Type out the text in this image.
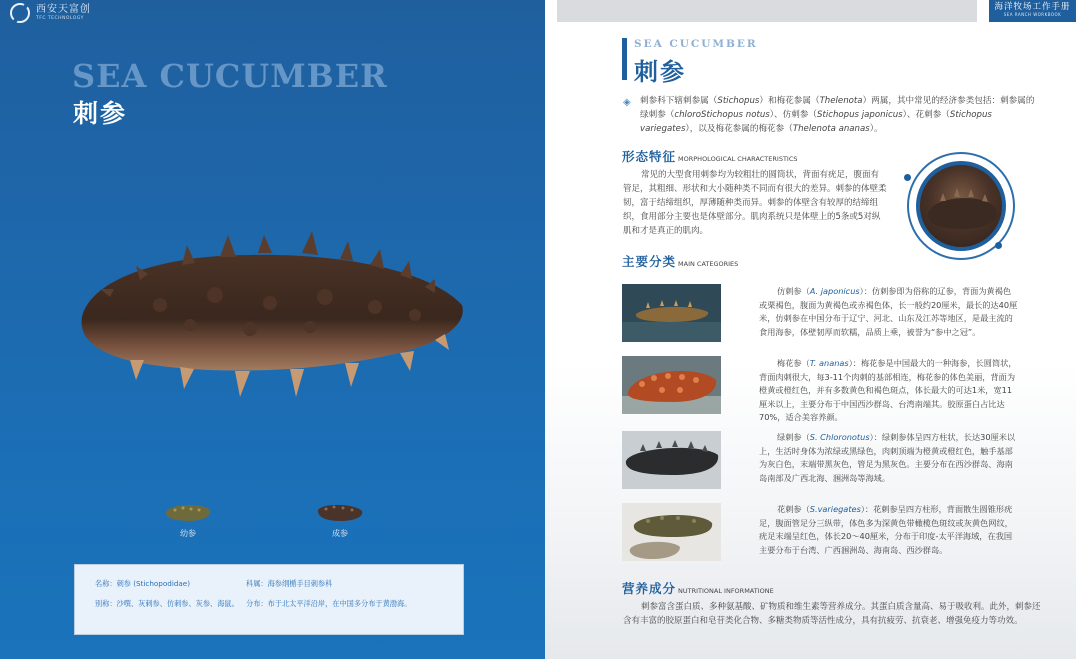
西安天富创
TFC TECHNOLOGY
SEA CUCUMBER
刺参
幼参	成参
名称：刺参 (Stichopodidae)	科属：海参纲楯手目刺参科
别称：沙噀、灰刺参、仿刺参、灰参、海鼠。 分布：布于北太平洋沿岸，在中国多分布于黄渤海。
海洋牧场工作手册
SEA RANCH WORKBOOK
SEA CUCUMBER
刺参
◈	刺参科下辖刺参属（Stichopus）和梅花参属（Thelenota）两属，其中常见的经济参类包括：刺参属的绿刺参（chloroStichopus notus）、仿刺参（Stichopus japonicus）、花刺参（Stichopus variegates），以及梅花参属的梅花参（Thelenota ananas）。
形态特征 MORPHOLOGICAL CHARACTERISTICS
常见的大型食用刺参均为较粗壮的圆筒状，背面有疣足，腹面有管足，其粗细、形状和大小随种类不同而有很大的差异。刺参的体壁柔韧，富于结缔组织，厚薄随种类而异。刺参的体壁含有较厚的结缔组织，食用部分主要也是体壁部分。肌肉系统只是体壁上的5条或5对纵肌和才是真正的肌肉。
主要分类 MAIN CATEGORIES
仿刺参（A. japonicus）：仿刺参即为俗称的辽参，背面为黄褐色或栗褐色，腹面为黄褐色或赤褐色体，长一般约20厘米，最长的达40厘米，仿刺参在中国分布于辽宁、河北、山东及江苏等地区，是最主流的食用海参，体壁韧厚而软糯，品质上乘，被誉为“参中之冠”。
梅花参（T. ananas）：梅花参是中国最大的一种海参，长圆筒状，背面肉刺很大，每3-11个肉刺的基部相连，梅花参的体色美丽，背面为橙黄或橙红色，并有多数黄色和褐色斑点，体长最大的可达1米，宽11厘米以上，主要分布于中国西沙群岛、台湾南端其。胶原蛋白占比达70%，适合美容养颜。
绿刺参（S. Chloronotus）：绿刺参体呈四方柱状，长达30厘米以上，生活时身体为浓绿或黑绿色，肉刺顶端为橙黄或橙红色，触手基部为灰白色，末端带黑灰色，管足为黑灰色。主要分布在西沙群岛、海南岛南部及广西北海、涠洲岛等海域。
花刺参（S.variegates）：花刺参呈四方柱形，背面散生圆锥形疣足，腹面管足分三纵带，体色多为深黄色带橄榄色斑纹或灰黄色网纹，疣足末端呈红色，体长20～40厘米，分布于印度-太平洋海域，在我国主要分布于台湾、广西涠洲岛、海南岛、西沙群岛。
营养成分 NUTRITIONAL INFORMATIONE
刺参富含蛋白质、多种氨基酸、矿物质和维生素等营养成分。其蛋白质含量高、易于吸收利。此外，刺参还含有丰富的胶原蛋白和皂苷类化合物、多糖类物质等活性成分，具有抗疲劳、抗衰老、增强免疫力等功效。
